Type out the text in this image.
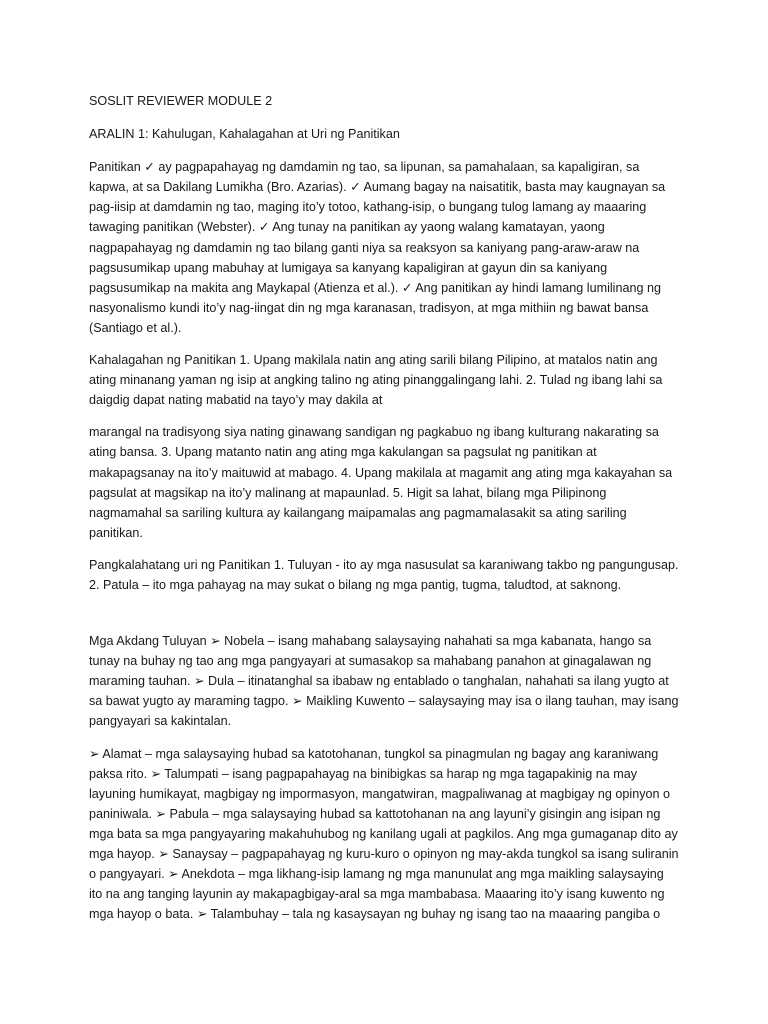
SOSLIT REVIEWER MODULE 2

ARALIN 1: Kahulugan, Kahalagahan at Uri ng Panitikan

Panitikan ✓ ay pagpapahayag ng damdamin ng tao, sa lipunan, sa pamahalaan, sa kapaligiran, sa kapwa, at sa Dakilang Lumikha (Bro. Azarias). ✓ Aumang bagay na naisatitik, basta may kaugnayan sa pag-iisip at damdamin ng tao, maging ito’y totoo, kathang-isip, o bungang tulog lamang ay maaaring tawaging panitikan (Webster). ✓ Ang tunay na panitikan ay yaong walang kamatayan, yaong nagpapahayag ng damdamin ng tao bilang ganti niya sa reaksyon sa kaniyang pang-araw-araw na pagsusumikap upang mabuhay at lumigaya sa kanyang kapaligiran at gayun din sa kaniyang pagsusumikap na makita ang Maykapal (Atienza et al.). ✓ Ang panitikan ay hindi lamang lumilinang ng nasyonalismo kundi ito’y nag-iingat din ng mga karanasan, tradisyon, at mga mithiin ng bawat bansa (Santiago et al.).

Kahalagahan ng Panitikan 1. Upang makilala natin ang ating sarili bilang Pilipino, at matalos natin ang ating minanang yaman ng isip at angking talino ng ating pinanggalingang lahi. 2. Tulad ng ibang lahi sa daigdig dapat nating mabatid na tayo’y may dakila at

marangal na tradisyong siya nating ginawang sandigan ng pagkabuo ng ibang kulturang nakarating sa ating bansa. 3. Upang matanto natin ang ating mga kakulangan sa pagsulat ng panitikan at makapagsanay na ito’y maituwid at mabago. 4. Upang makilala at magamit ang ating mga kakayahan sa pagsulat at magsikap na ito’y malinang at mapaunlad. 5. Higit sa lahat, bilang mga Pilipinong nagmamahal sa sariling kultura ay kailangang maipamalas ang pagmamalasakit sa ating sariling panitikan.

Pangkalahatang uri ng Panitikan 1. Tuluyan - ito ay mga nasusulat sa karaniwang takbo ng pangungusap. 2. Patula – ito mga pahayag na may sukat o bilang ng mga pantig, tugma, taludtod, at saknong.

Mga Akdang Tuluyan ➢ Nobela – isang mahabang salaysaying nahahati sa mga kabanata, hango sa tunay na buhay ng tao ang mga pangyayari at sumasakop sa mahabang panahon at ginagalawan ng maraming tauhan. ➢ Dula – itinatanghal sa ibabaw ng entablado o tanghalan, nahahati sa ilang yugto at sa bawat yugto ay maraming tagpo. ➢ Maikling Kuwento – salaysaying may isa o ilang tauhan, may isang pangyayari sa kakintalan.

➢ Alamat – mga salaysaying hubad sa katotohanan, tungkol sa pinagmulan ng bagay ang karaniwang paksa rito. ➢ Talumpati – isang pagpapahayag na binibigkas sa harap ng mga tagapakinig na may layuning humikayat, magbigay ng impormasyon, mangatwiran, magpaliwanag at magbigay ng opinyon o paniniwala. ➢ Pabula – mga salaysaying hubad sa kattotohanan na ang layuni’y gisingin ang isipan ng mga bata sa mga pangyayaring makahuhubog ng kanilang ugali at pagkilos. Ang mga gumaganap dito ay mga hayop. ➢ Sanaysay – pagpapahayag ng kuru-kuro o opinyon ng may-akda tungkol sa isang suliranin o pangyayari. ➢ Anekdota – mga likhang-isip lamang ng mga manunulat ang mga maikling salaysaying ito na ang tanging layunin ay makapagbigay-aral sa mga mambabasa. Maaaring ito’y isang kuwento ng mga hayop o bata. ➢ Talambuhay – tala ng kasaysayan ng buhay ng isang tao na maaaring pangiba o
